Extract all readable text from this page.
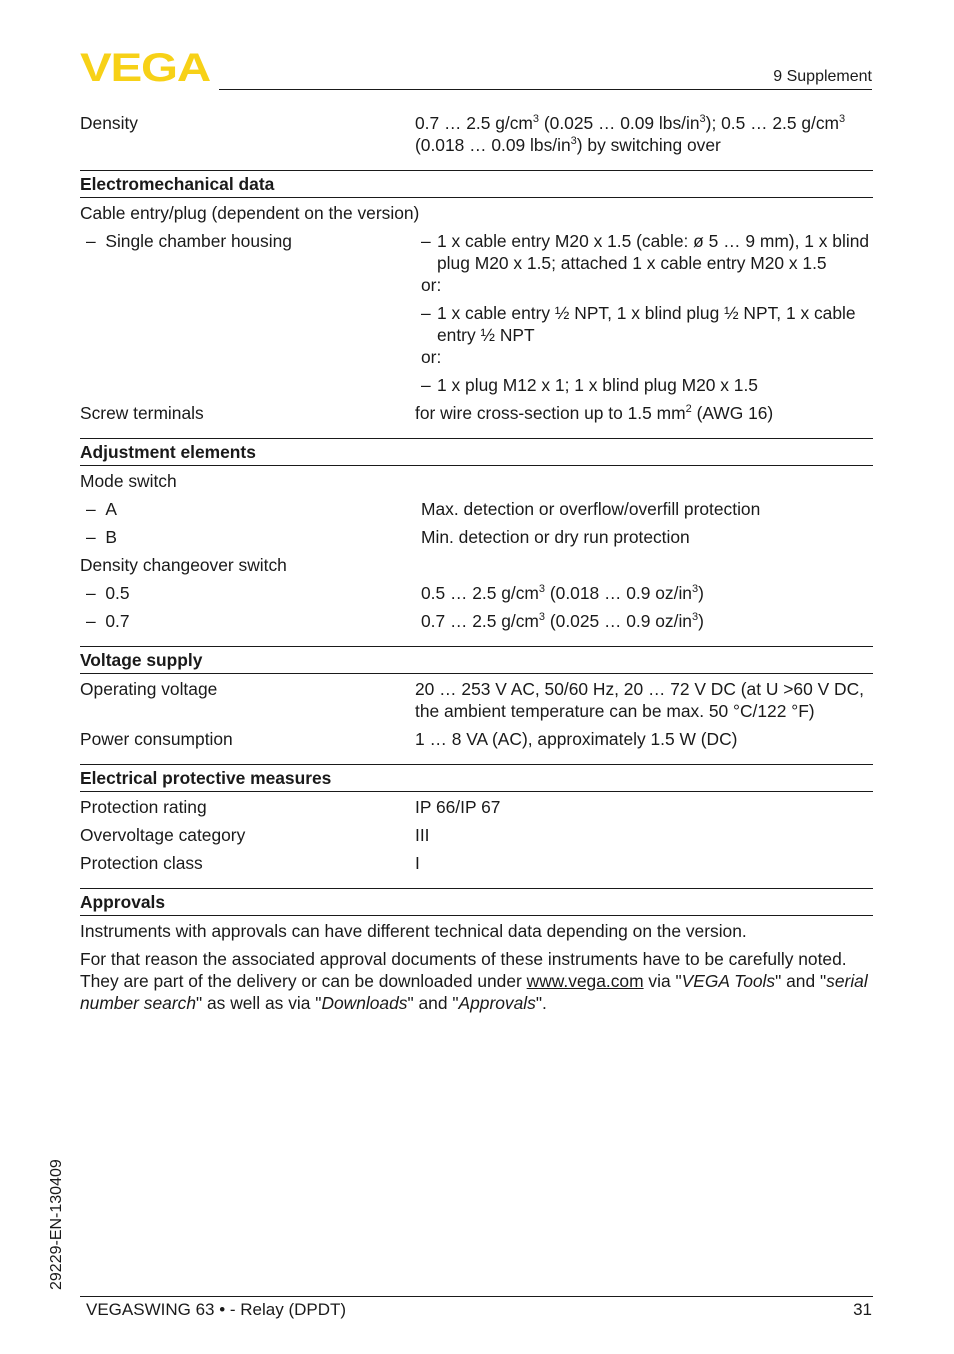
VEGA	9 Supplement
Density	0.7 … 2.5 $g/cm^3$ (0.025 … 0.09 lbs/$in^3$); 0.5 … 2.5 $g/cm^3$
(0.018 … 0.09 lbs/$in^3$) by switching over
Electromechanical data
Cable entry/plug (dependent on the version)
– Single chamber housing	– 1 x cable entry M20 x 1.5 (cable: ø 5 … 9 mm), 1 x blind plug M20 x 1.5; attached 1 x cable entry M20 x 1.5
or:
– 1 x cable entry ½ NPT, 1 x blind plug ½ NPT, 1 x cable entry ½ NPT
or:
– 1 x plug M12 x 1; 1 x blind plug M20 x 1.5
Screw terminals	for wire cross-section up to 1.5 $mm^2$ (AWG 16)
Adjustment elements
Mode switch
– A	Max. detection or overflow/overfill protection
– B	Min. detection or dry run protection
Density changeover switch
– 0.5	0.5 … 2.5 $g/cm^3$ (0.018 … 0.9 $oz/in^3$)
– 0.7	0.7 … 2.5 $g/cm^3$ (0.025 … 0.9 $oz/in^3$)
Voltage supply
Operating voltage	20 … 253 V AC, 50/60 Hz, 20 … 72 V DC (at U >60 V DC, the ambient temperature can be max. 50 °C/122 °F)
Power consumption	1 … 8 VA (AC), approximately 1.5 W (DC)
Electrical protective measures
Protection rating	IP 66/IP 67
Overvoltage category	III
Protection class	I
Approvals
Instruments with approvals can have different technical data depending on the version.
For that reason the associated approval documents of these instruments have to be carefully noted. They are part of the delivery or can be downloaded under www.vega.com via "VEGA Tools" and "serial number search" as well as via "Downloads" and "Approvals".
29229-EN-130409
VEGASWING 63 • - Relay (DPDT)	31
